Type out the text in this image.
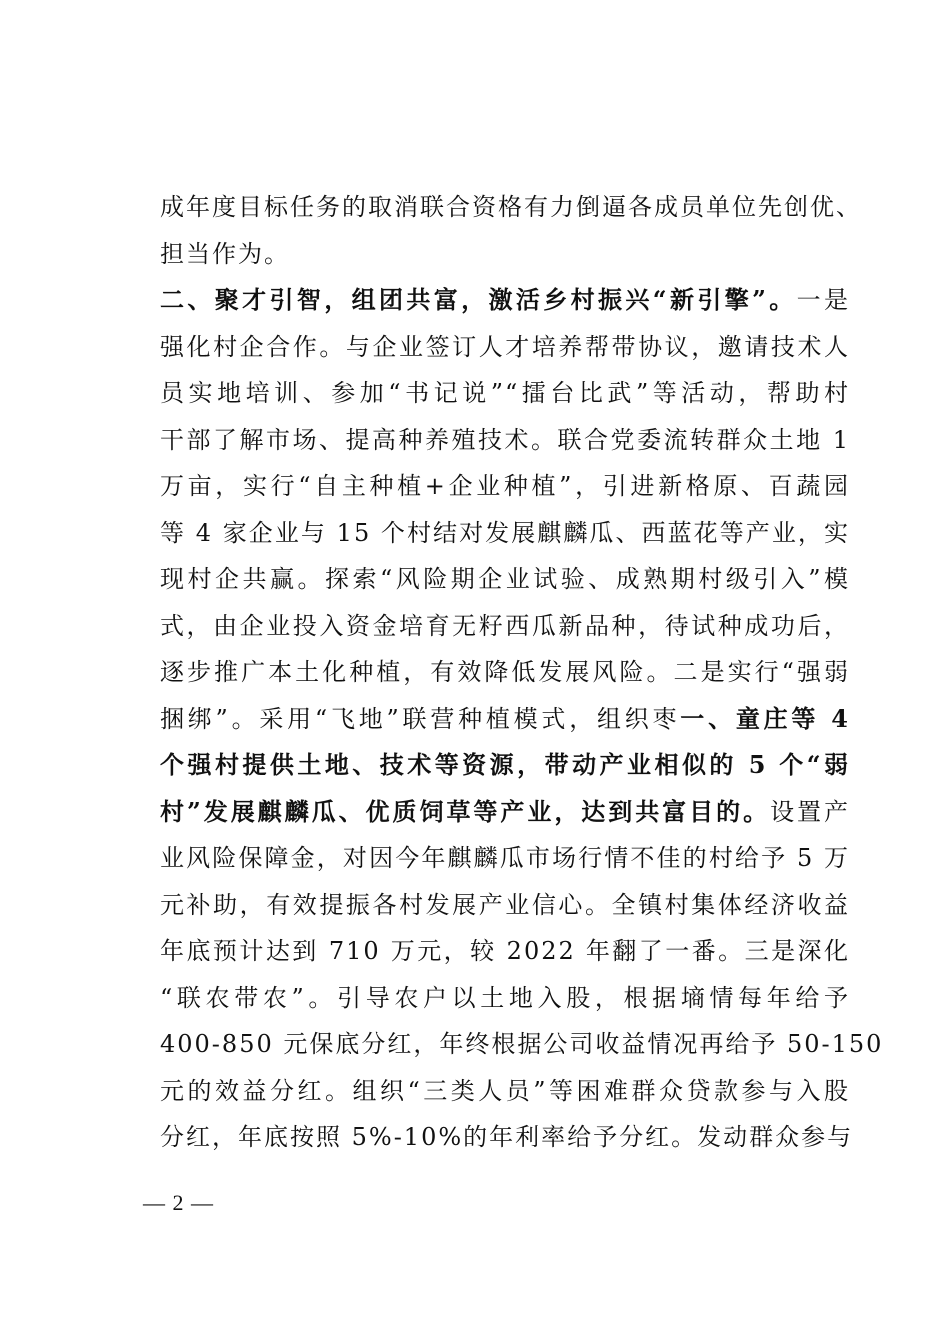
成年度目标任务的取消联合资格有力倒逼各成员单位先创优、
担当作为。
二、聚才引智，组团共富，激活乡村振兴“新引擎”。一是
强化村企合作。与企业签订人才培养帮带协议，邀请技术人
员实地培训、参加“书记说”“擂台比武”等活动，帮助村
干部了解市场、提高种养殖技术。联合党委流转群众土地 1
万亩，实行“自主种植+企业种植”，引进新格原、百蔬园
等 4 家企业与 15 个村结对发展麒麟瓜、西蓝花等产业，实
现村企共赢。探索“风险期企业试验、成熟期村级引入”模
式，由企业投入资金培育无籽西瓜新品种，待试种成功后，
逐步推广本土化种植，有效降低发展风险。二是实行“强弱
捆绑”。采用“飞地”联营种植模式，组织枣一、童庄等 4
个强村提供土地、技术等资源，带动产业相似的 5 个“弱
村”发展麒麟瓜、优质饲草等产业，达到共富目的。设置产
业风险保障金，对因今年麒麟瓜市场行情不佳的村给予 5 万
元补助，有效提振各村发展产业信心。全镇村集体经济收益
年底预计达到 710 万元，较 2022 年翻了一番。三是深化
“联农带农”。引导农户以土地入股，根据墒情每年给予
400-850 元保底分红，年终根据公司收益情况再给予 50-150
元的效益分红。组织“三类人员”等困难群众贷款参与入股
分红，年底按照 5%-10%的年利率给予分红。发动群众参与
— 2 —
